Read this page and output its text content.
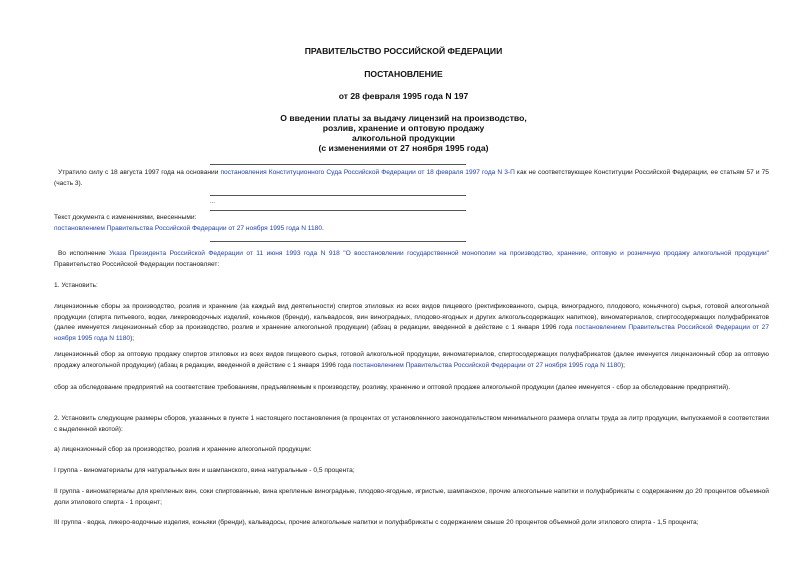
ПРАВИТЕЛЬСТВО РОССИЙСКОЙ ФЕДЕРАЦИИ
ПОСТАНОВЛЕНИЕ
от 28 февраля 1995 года N 197
О введении платы за выдачу лицензий на производство,
розлив, хранение и оптовую продажу
алкогольной продукции
(с изменениями от 27 ноября 1995 года)
Утратило силу с 18 августа 1997 года на основании постановления Конституционного Суда Российской Федерации от 18 февраля 1997 года N 3-П как не соответствующее Конституции Российской Федерации, ее статьям 57 и 75 (часть 3).
...
Текст документа с изменениями, внесенными:
постановлением Правительства Российской Федерации от 27 ноября 1995 года N 1180.
Во исполнение Указа Президента Российской Федерации от 11 июня 1993 года N 918 "О восстановлении государственной монополии на производство, хранение, оптовую и розничную продажу алкогольной продукции" Правительство Российской Федерации постановляет:
1. Установить:
лицензионные сборы за производство, розлив и хранение (за каждый вид деятельности) спиртов этиловых из всех видов пищевого (ректификованного, сырца, виноградного, плодового, коньячного) сырья, готовой алкогольной продукции (спирта питьевого, водки, ликероводочных изделий, коньяков (бренди), кальвадосов, вин виноградных, плодово-ягодных и других алкогольсодержащих напитков), виноматериалов, спиртосодержащих полуфабрикатов (далее именуется лицензионный сбор за производство, розлив и хранение алкогольной продукции) (абзац в редакции, введенной в действие с 1 января 1996 года постановлением Правительства Российской Федерации от 27 ноября 1995 года N 1180);
лицензионный сбор за оптовую продажу спиртов этиловых из всех видов пищевого сырья, готовой алкогольной продукции, виноматериалов, спиртосодержащих полуфабрикатов (далее именуется лицензионный сбор за оптовую продажу алкогольной продукции) (абзац в редакции, введенной в действие с 1 января 1996 года постановлением Правительства Российской Федерации от 27 ноября 1995 года N 1180);
сбор за обследование предприятий на соответствие требованиям, предъявляемым к производству, розливу, хранению и оптовой продаже алкогольной продукции (далее именуется - сбор за обследование предприятий).
2. Установить следующие размеры сборов, указанных в пункте 1 настоящего постановления (в процентах от установленного законодательством минимального размера оплаты труда за литр продукции, выпускаемой в соответствии с выделенной квотой):
а) лицензионный сбор за производство, розлив и хранение алкогольной продукции:
I группа - виноматериалы для натуральных вин и шампанского, вина натуральные - 0,5 процента;
II группа - виноматериалы для крепленых вин, соки спиртованные, вина крепленые виноградные, плодово-ягодные, игристые, шампанское, прочие алкогольные напитки и полуфабрикаты с содержанием до 20 процентов объемной доли этилового спирта - 1 процент;
III группа - водка, ликеро-водочные изделия, коньяки (бренди), кальвадосы, прочие алкогольные напитки и полуфабрикаты с содержанием свыше 20 процентов объемной доли этилового спирта - 1,5 процента;
